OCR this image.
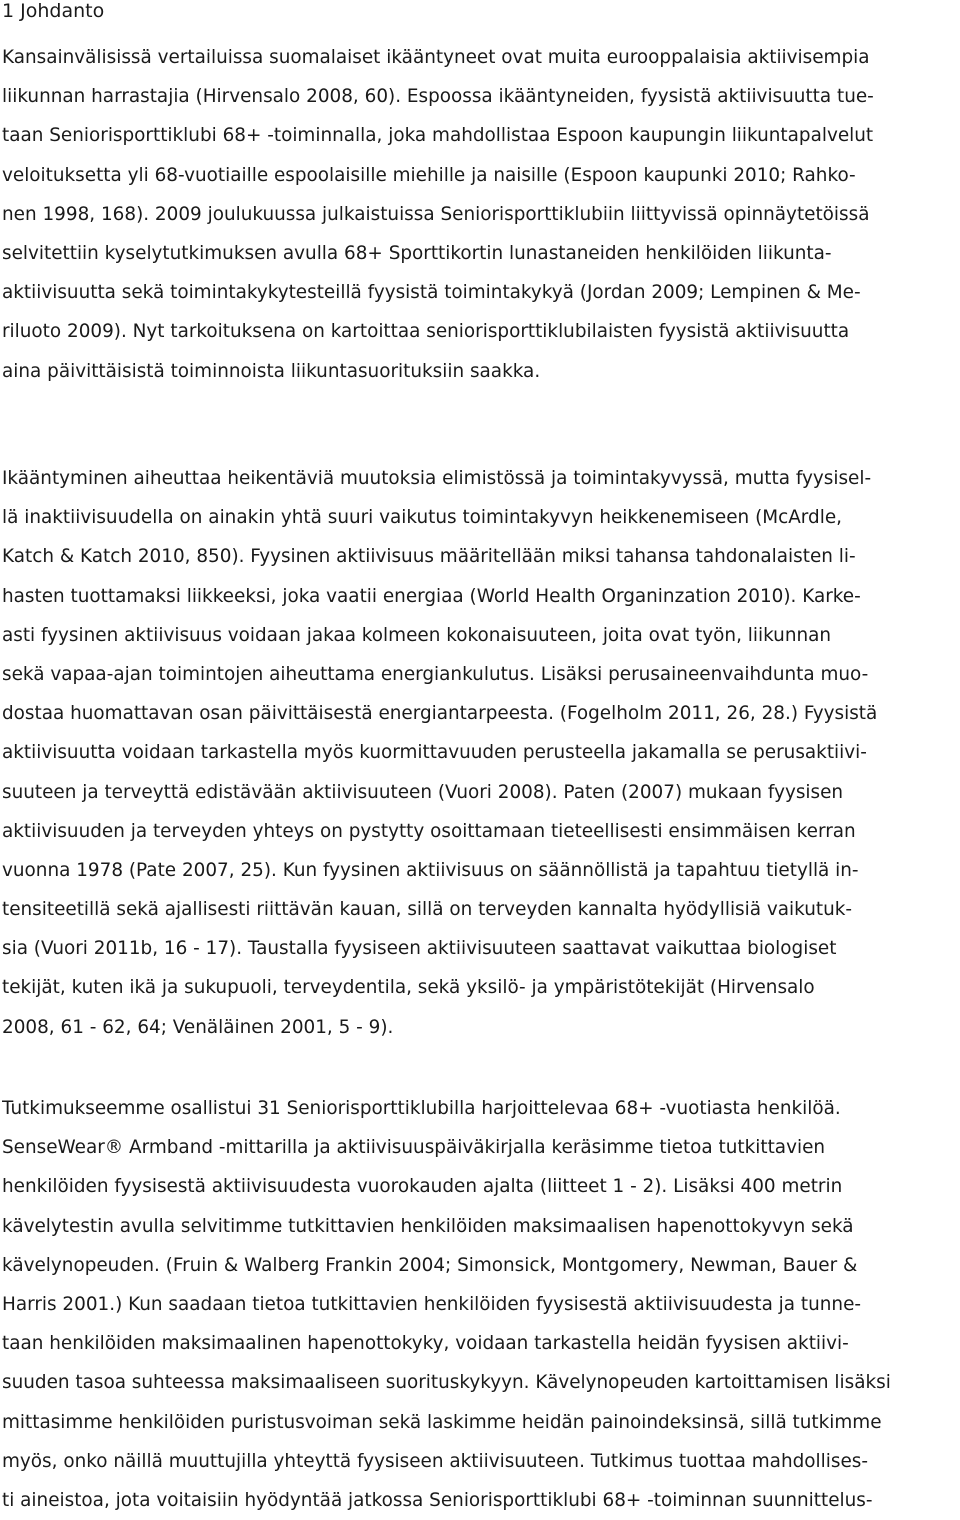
1 Johdanto
Kansainvälisissä vertailuissa suomalaiset ikääntyneet ovat muita eurooppalaisia aktiivisempia
liikunnan harrastajia (Hirvensalo 2008, 60). Espoossa ikääntyneiden, fyysistä aktiivisuutta tue-
taan Seniorisporttiklubi 68+ -toiminnalla, joka mahdollistaa Espoon kaupungin liikuntapalvelut
veloituksetta yli 68-vuotiaille espoolaisille miehille ja naisille (Espoon kaupunki 2010; Rahko-
nen 1998, 168). 2009 joulukuussa julkaistuissa Seniorisporttiklubiin liittyvissä opinnäytetöissä
selvitettiin kyselytutkimuksen avulla 68+ Sporttikortin lunastaneiden henkilöiden liikunta-
aktiivisuutta sekä toimintakykytesteillä fyysistä toimintakykyä (Jordan 2009; Lempinen & Me-
riluoto 2009). Nyt tarkoituksena on kartoittaa seniorisporttiklubilaisten fyysistä aktiivisuutta
aina päivittäisistä toiminnoista liikuntasuorituksiin saakka.
Ikääntyminen aiheuttaa heikentäviä muutoksia elimistössä ja toimintakyvyssä, mutta fyysisel-
lä inaktiivisuudella on ainakin yhtä suuri vaikutus toimintakyvyn heikkenemiseen (McArdle,
Katch & Katch 2010, 850). Fyysinen aktiivisuus määritellään miksi tahansa tahdonalaisten li-
hasten tuottamaksi liikkeeksi, joka vaatii energiaa (World Health Organinzation 2010). Karke-
asti fyysinen aktiivisuus voidaan jakaa kolmeen kokonaisuuteen, joita ovat työn, liikunnan
sekä vapaa-ajan toimintojen aiheuttama energiankulutus. Lisäksi perusaineenvaihdunta muo-
dostaa huomattavan osan päivittäisestä energiantarpeesta. (Fogelholm 2011, 26, 28.) Fyysistä
aktiivisuutta voidaan tarkastella myös kuormittavuuden perusteella jakamalla se perusaktiivi-
suuteen ja terveyttä edistävään aktiivisuuteen (Vuori 2008). Paten (2007) mukaan fyysisen
aktiivisuuden ja terveyden yhteys on pystytty osoittamaan tieteellisesti ensimmäisen kerran
vuonna 1978 (Pate 2007, 25). Kun fyysinen aktiivisuus on säännöllistä ja tapahtuu tietyllä in-
tensiteetillä sekä ajallisesti riittävän kauan, sillä on terveyden kannalta hyödyllisiä vaikutuk-
sia (Vuori 2011b, 16 - 17). Taustalla fyysiseen aktiivisuuteen saattavat vaikuttaa biologiset
tekijät, kuten ikä ja sukupuoli, terveydentila, sekä yksilö- ja ympäristötekijät (Hirvensalo
2008, 61 - 62, 64; Venäläinen 2001, 5 - 9).
Tutkimukseemme osallistui 31 Seniorisporttiklubilla harjoittelevaa 68+ -vuotiasta henkilöä.
SenseWear® Armband -mittarilla ja aktiivisuuspäiväkirjalla keräsimme tietoa tutkittavien
henkilöiden fyysisestä aktiivisuudesta vuorokauden ajalta (liitteet 1 - 2). Lisäksi 400 metrin
kävelytestin avulla selvitimme tutkittavien henkilöiden maksimaalisen hapenottokyvyn sekä
kävelynopeuden. (Fruin & Walberg Frankin 2004; Simonsick, Montgomery, Newman, Bauer &
Harris 2001.) Kun saadaan tietoa tutkittavien henkilöiden fyysisestä aktiivisuudesta ja tunne-
taan henkilöiden maksimaalinen hapenottokyky, voidaan tarkastella heidän fyysisen aktiivi-
suuden tasoa suhteessa maksimaaliseen suorituskykyyn. Kävelynopeuden kartoittamisen lisäksi
mittasimme henkilöiden puristusvoiman sekä laskimme heidän painoindeksinsä, sillä tutkimme
myös, onko näillä muuttujilla yhteyttä fyysiseen aktiivisuuteen. Tutkimus tuottaa mahdollises-
ti aineistoa, jota voitaisiin hyödyntää jatkossa Seniorisporttiklubi 68+ -toiminnan suunnittelus-
